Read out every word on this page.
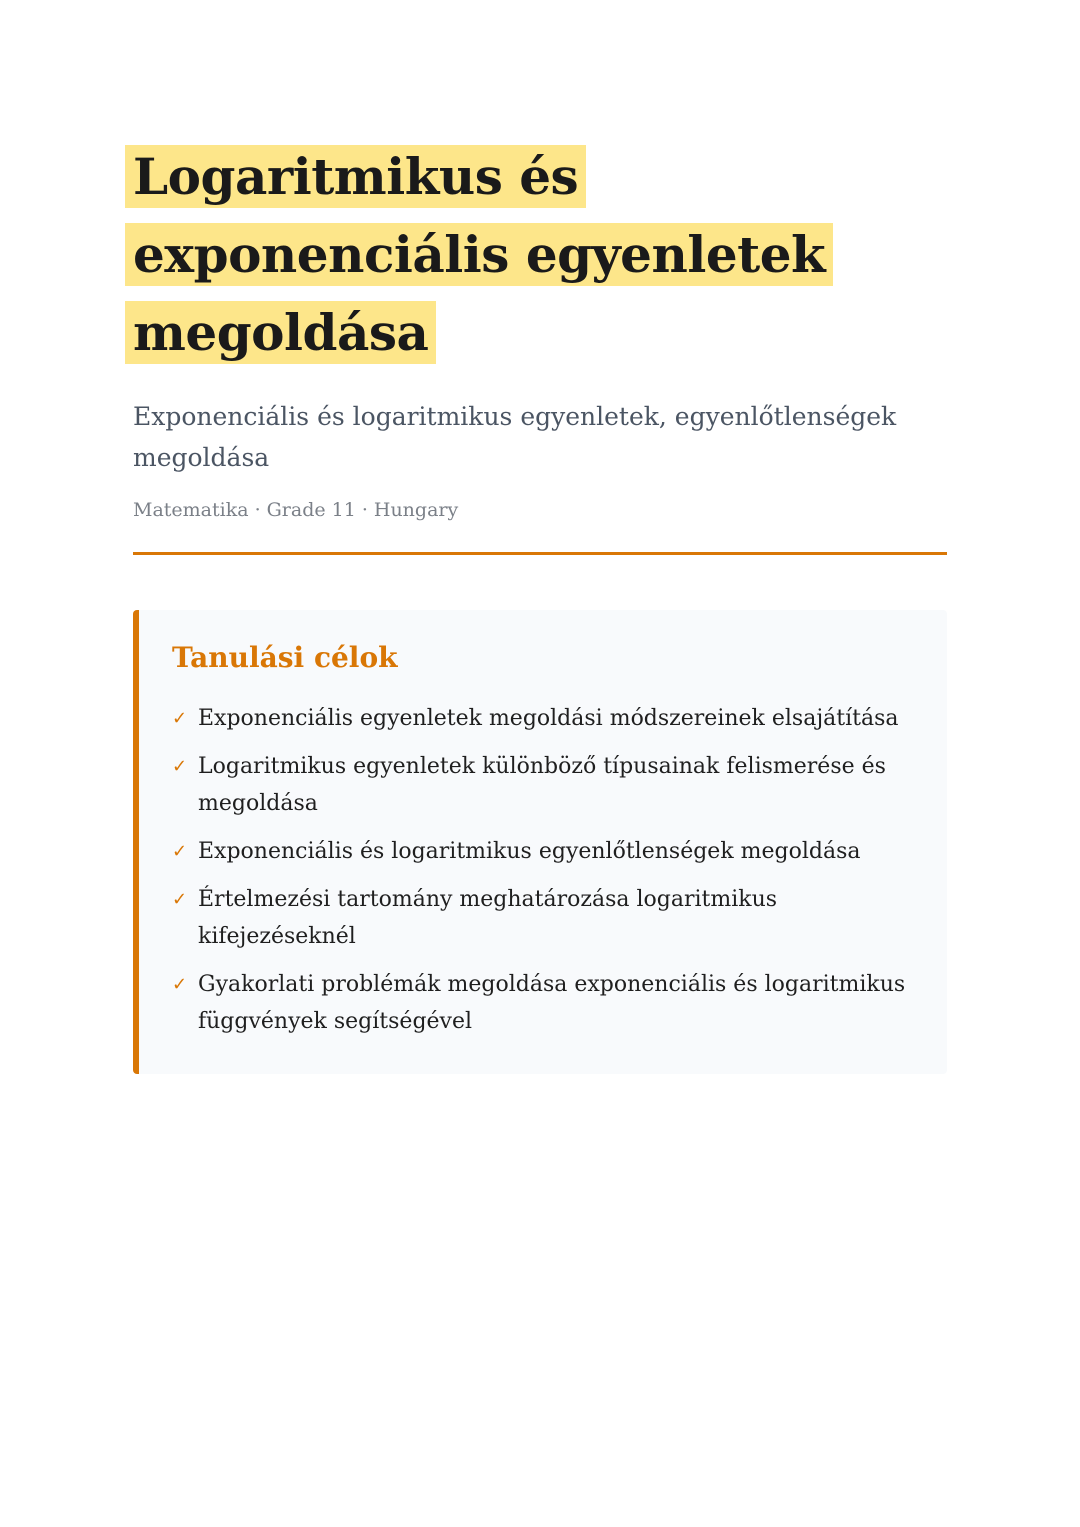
Logaritmikus és exponenciális egyenletek megoldása

Exponenciális és logaritmikus egyenletek, egyenlőtlenségek megoldása

Matematika · Grade 11 · Hungary

Tanulási célok
✓ Exponenciális egyenletek megoldási módszereinek elsajátítása
✓ Logaritmikus egyenletek különböző típusainak felismerése és megoldása
✓ Exponenciális és logaritmikus egyenlőtlenségek megoldása
✓ Értelmezési tartomány meghatározása logaritmikus kifejezéseknél
✓ Gyakorlati problémák megoldása exponenciális és logaritmikus függvények segítségével
